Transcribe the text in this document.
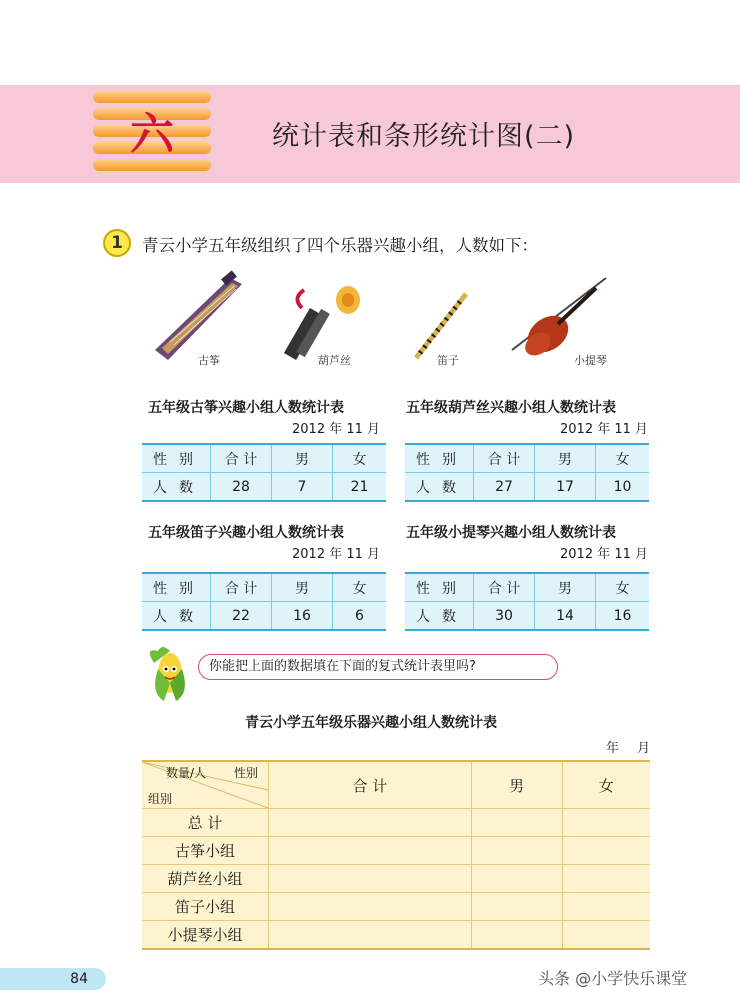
六	统计表和条形统计图(二)
1	青云小学五年级组织了四个乐器兴趣小组，人数如下：
古筝	葫芦丝	笛子	小提琴
五年级古筝兴趣小组人数统计表
2012 年 11 月
性别	合 计	男	女
人数	28	7	21
五年级葫芦丝兴趣小组人数统计表
2012 年 11 月
性别	合 计	男	女
人数	27	17	10
五年级笛子兴趣小组人数统计表
2012 年 11 月
性别	合 计	男	女
人数	22	16	6
五年级小提琴兴趣小组人数统计表
2012 年 11 月
性别	合 计	男	女
人数	30	14	16
你能把上面的数据填在下面的复式统计表里吗?
青云小学五年级乐器兴趣小组人数统计表
年 月
数量/人 性别
组别	合 计	男	女
总 计			
古筝小组			
葫芦丝小组			
笛子小组			
小提琴小组			
84	头条 @小学快乐课堂
